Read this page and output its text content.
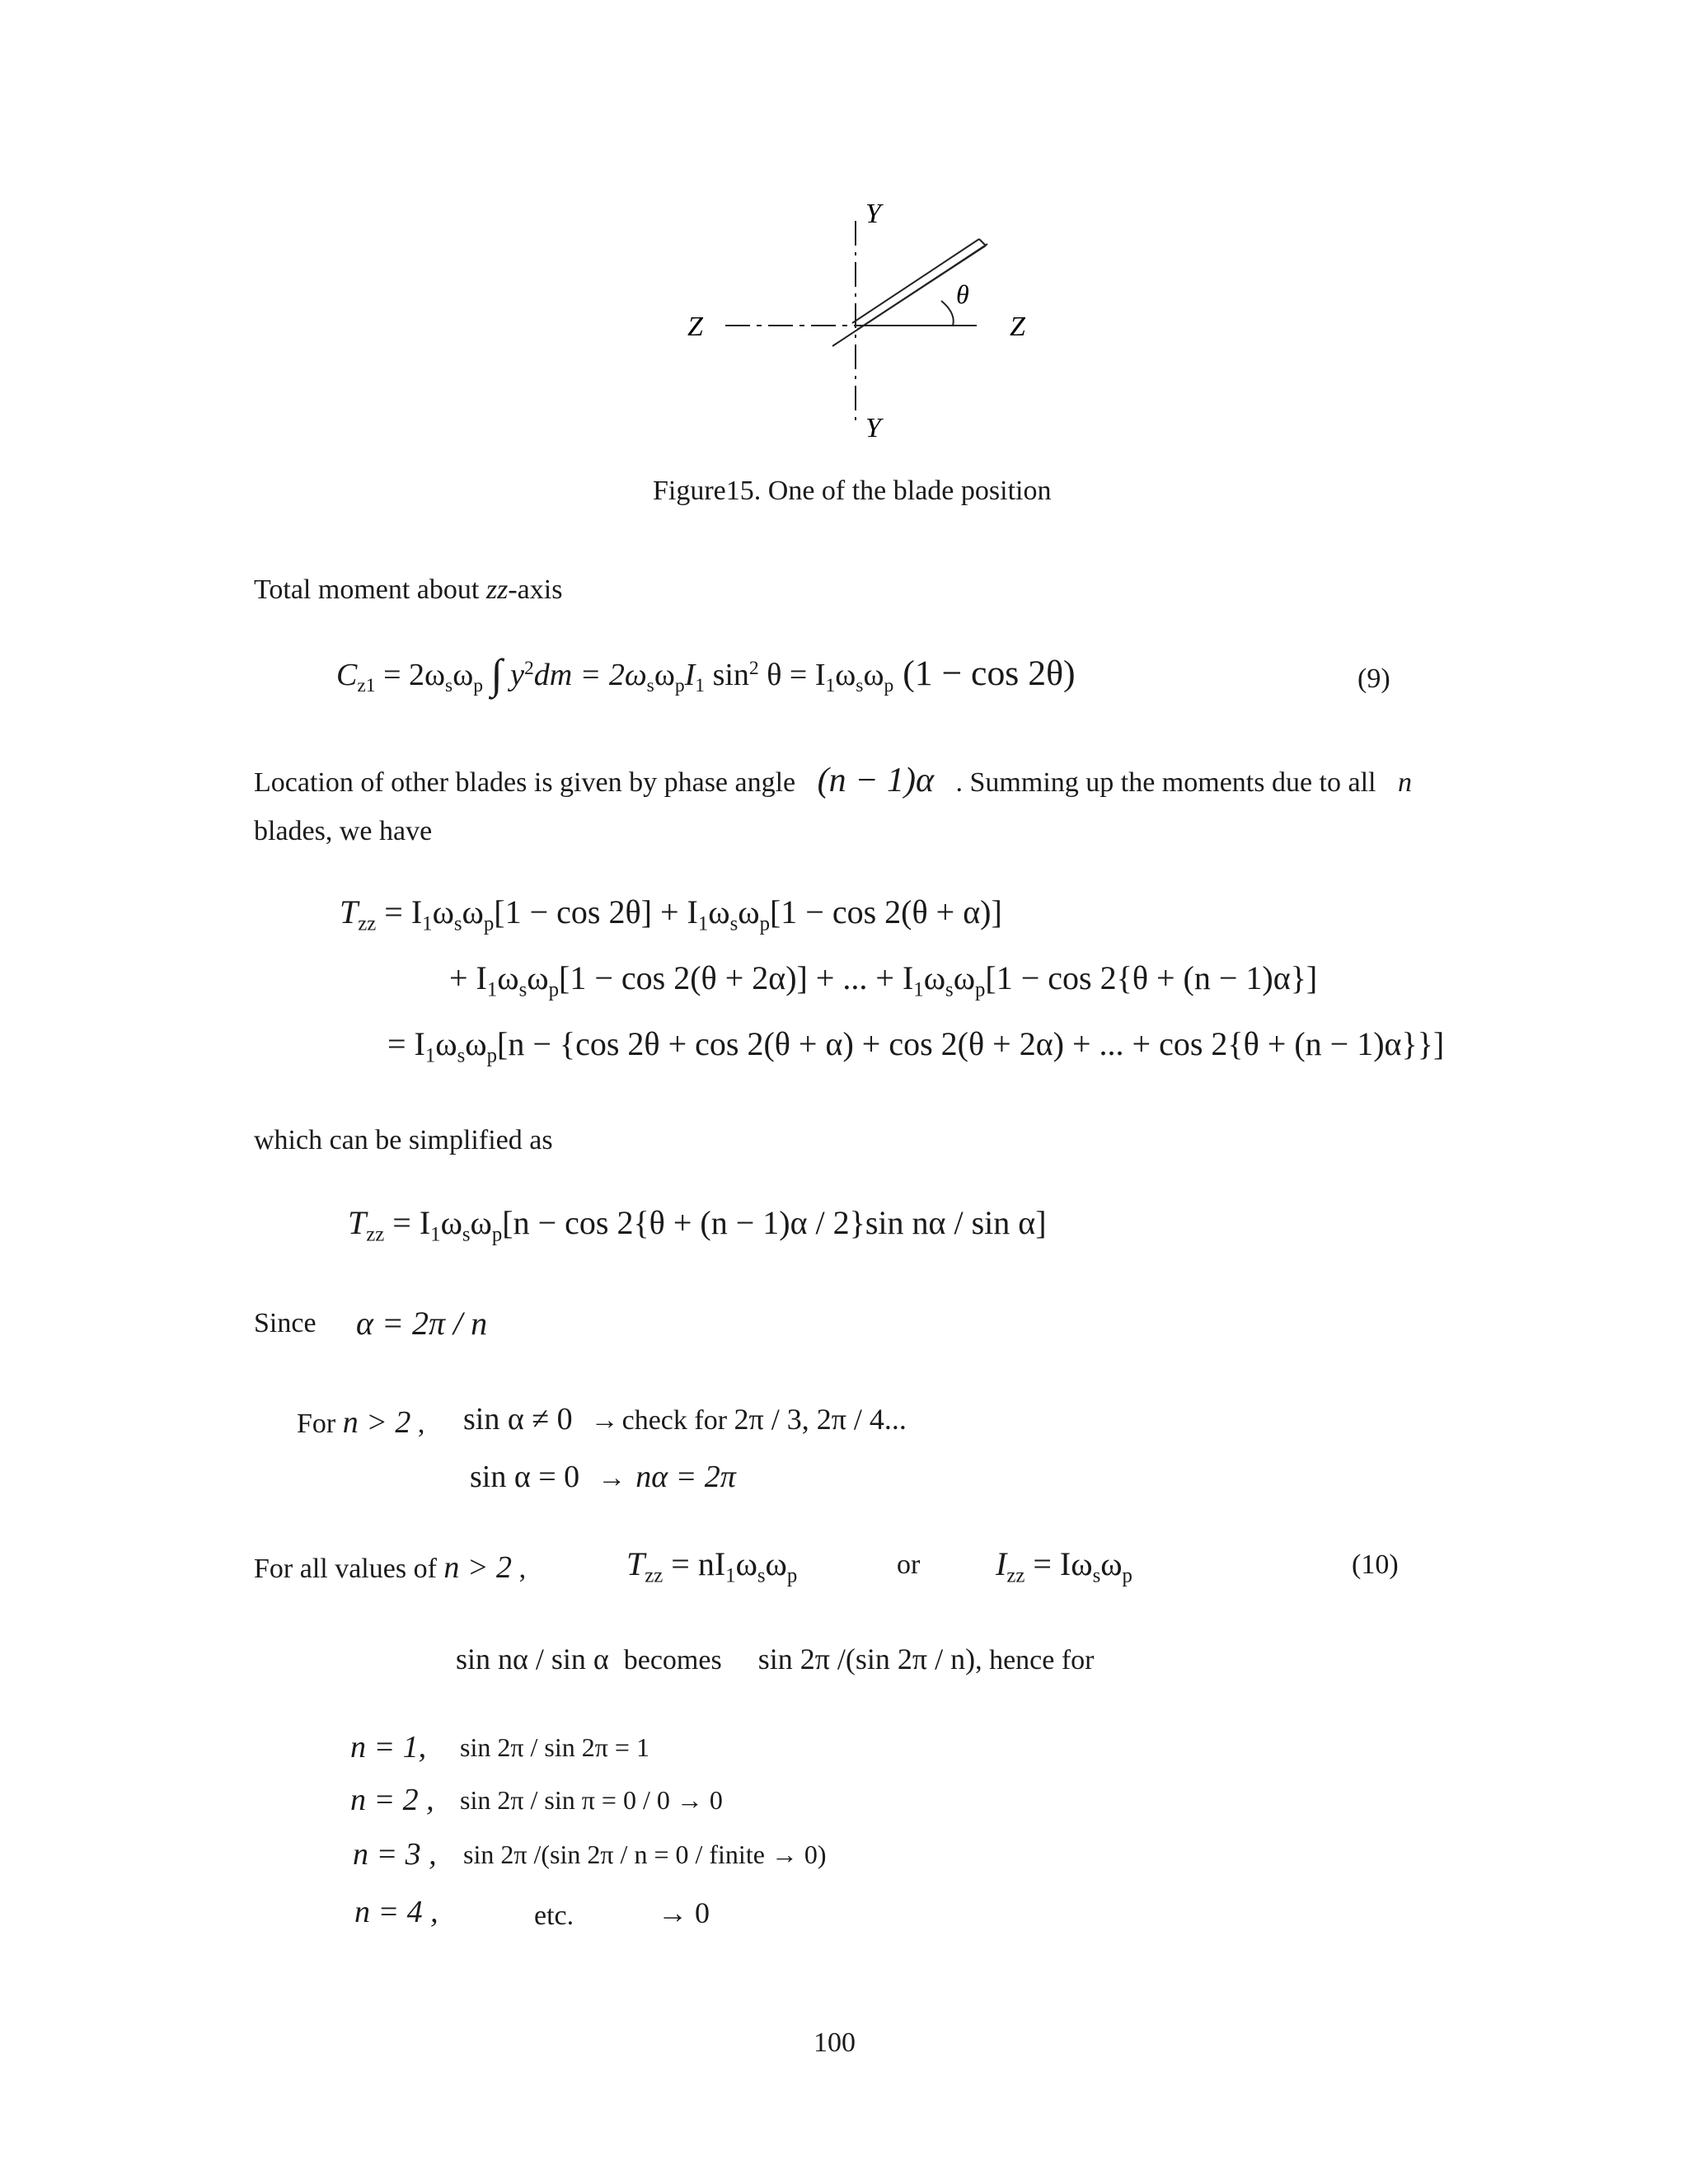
Y
Y
Z	Z
θ
Figure15. One of the blade position
Total moment about zz-axis
$C_{z1} = 2\omega_s\omega_p$ ∫ $y^2dm = 2\omega_s\omega_pI_1$ $\sin^2 \theta = I_1\omega_s\omega_p$ (1 − cos 2θ)	(9)
Location of other blades is given by phase angle (n − 1)α . Summing up the moments due to all n
blades, we have
$T_{zz} = I_1\omega_s\omega_p[1 - \cos 2\theta] + I_1\omega_s\omega_p[1 - \cos 2(\theta + \alpha)]$
+ $I_1\omega_s\omega_p[1 - \cos 2(\theta + 2\alpha)]$ + ... + $I_1\omega_s\omega_p[1 - \cos 2\{\theta + (n - 1)\alpha\}]$
= $I_1\omega_s\omega_p[n - \{\cos$ 2θ + cos 2(θ + α) + cos 2(θ + 2α) + ... + cos 2{θ + (n − 1)α}}]
which can be simplified as
$T_{zz} = I_1\omega_s\omega_p[n - \cos 2\{\theta + (n - 1)\alpha / 2\}\sin$ nα / sin α]
Since α = 2π / n
For n > 2 , sin α ≠ 0 → check for 2π / 3, 2π / 4...
sin α = 0 → nα = 2π
For all values of n > 2 ,	$T_{zz} = nI_1\omega_s\omega_p$	or $I_{zz} = I\omega_s\omega_p$	(10)
sin nα / sin α becomes sin 2π /(sin 2π / n), hence for
n = 1, sin 2π / sin 2π = 1
n = 2 , sin 2π / sin π = 0 / 0 → 0
n = 3 , sin 2π /(sin 2π / n = 0 / finite → 0)
n = 4 ,	etc.	→ 0
100
